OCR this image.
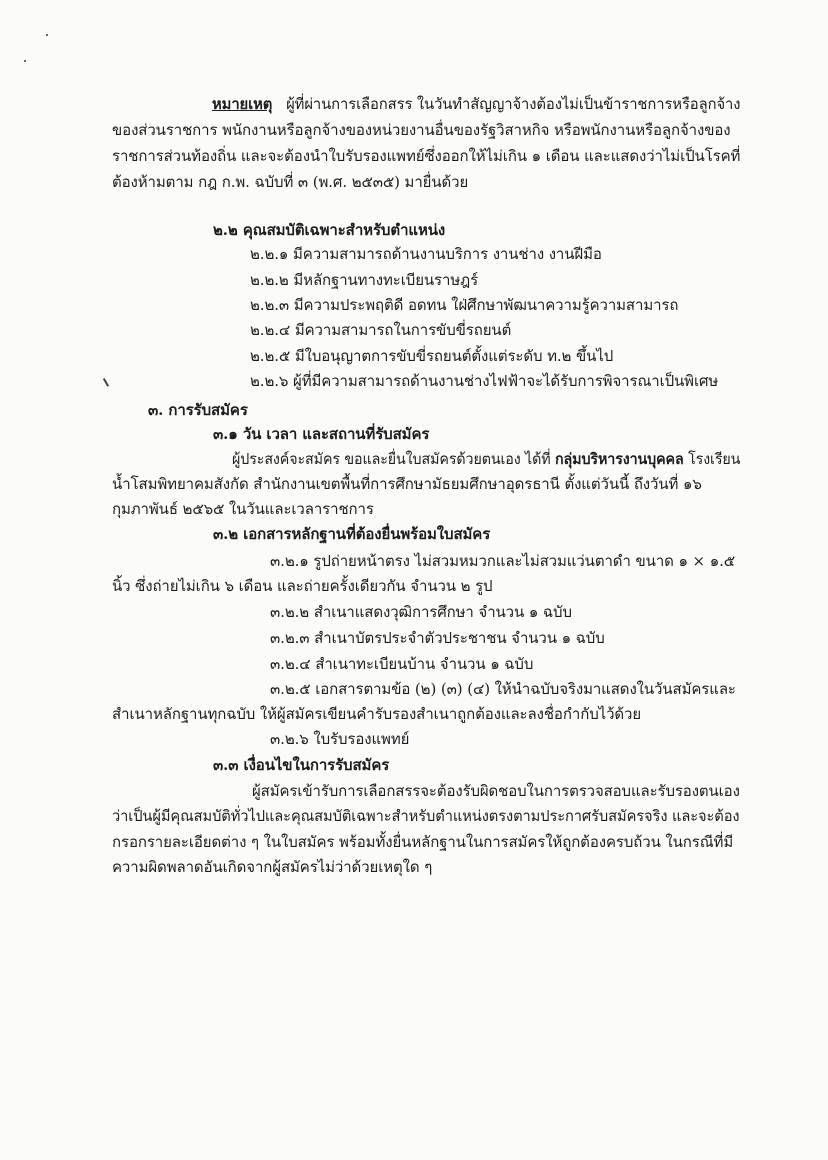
หมายเหตุ ผู้ที่ผ่านการเลือกสรร ในวันทำสัญญาจ้างต้องไม่เป็นข้าราชการหรือลูกจ้าง
ของส่วนราชการ พนักงานหรือลูกจ้างของหน่วยงานอื่นของรัฐวิสาหกิจ หรือพนักงานหรือลูกจ้างของ
ราชการส่วนท้องถิ่น และจะต้องนำใบรับรองแพทย์ซึ่งออกให้ไม่เกิน ๑ เดือน และแสดงว่าไม่เป็นโรคที่
ต้องห้ามตาม กฎ ก.พ. ฉบับที่ ๓ (พ.ศ. ๒๕๓๕) มายื่นด้วย
๒.๒ คุณสมบัติเฉพาะสำหรับตำแหน่ง
๒.๒.๑ มีความสามารถด้านงานบริการ งานช่าง งานฝีมือ
๒.๒.๒ มีหลักฐานทางทะเบียนราษฎร์
๒.๒.๓ มีความประพฤติดี อดทน ใฝ่ศึกษาพัฒนาความรู้ความสามารถ
๒.๒.๔ มีความสามารถในการขับขี่รถยนต์
๒.๒.๕ มีใบอนุญาตการขับขี่รถยนต์ตั้งแต่ระดับ ท.๒ ขึ้นไป
๒.๒.๖ ผู้ที่มีความสามารถด้านงานช่างไฟฟ้าจะได้รับการพิจารณาเป็นพิเศษ
๓. การรับสมัคร
๓.๑ วัน เวลา และสถานที่รับสมัคร
ผู้ประสงค์จะสมัคร ขอและยื่นใบสมัครด้วยตนเอง ได้ที่ กลุ่มบริหารงานบุคคล โรงเรียน
น้ำโสมพิทยาคมสังกัด สำนักงานเขตพื้นที่การศึกษามัธยมศึกษาอุดรธานี ตั้งแต่วันนี้ ถึงวันที่ ๑๖
กุมภาพันธ์ ๒๕๖๕ ในวันและเวลาราชการ
๓.๒ เอกสารหลักฐานที่ต้องยื่นพร้อมใบสมัคร
๓.๒.๑ รูปถ่ายหน้าตรง ไม่สวมหมวกและไม่สวมแว่นตาดำ ขนาด ๑ × ๑.๕
นิ้ว ซึ่งถ่ายไม่เกิน ๖ เดือน และถ่ายครั้งเดียวกัน จำนวน ๒ รูป
๓.๒.๒ สำเนาแสดงวุฒิการศึกษา จำนวน ๑ ฉบับ
๓.๒.๓ สำเนาบัตรประจำตัวประชาชน จำนวน ๑ ฉบับ
๓.๒.๔ สำเนาทะเบียนบ้าน จำนวน ๑ ฉบับ
๓.๒.๕ เอกสารตามข้อ (๒) (๓) (๔) ให้นำฉบับจริงมาแสดงในวันสมัครและ
สำเนาหลักฐานทุกฉบับ ให้ผู้สมัครเขียนคำรับรองสำเนาถูกต้องและลงชื่อกำกับไว้ด้วย
๓.๒.๖ ใบรับรองแพทย์
๓.๓ เงื่อนไขในการรับสมัคร
ผู้สมัครเข้ารับการเลือกสรรจะต้องรับผิดชอบในการตรวจสอบและรับรองตนเอง
ว่าเป็นผู้มีคุณสมบัติทั่วไปและคุณสมบัติเฉพาะสำหรับตำแหน่งตรงตามประกาศรับสมัครจริง และจะต้อง
กรอกรายละเอียดต่าง ๆ ในใบสมัคร พร้อมทั้งยื่นหลักฐานในการสมัครให้ถูกต้องครบถ้วน ในกรณีที่มี
ความผิดพลาดอันเกิดจากผู้สมัครไม่ว่าด้วยเหตุใด ๆ
